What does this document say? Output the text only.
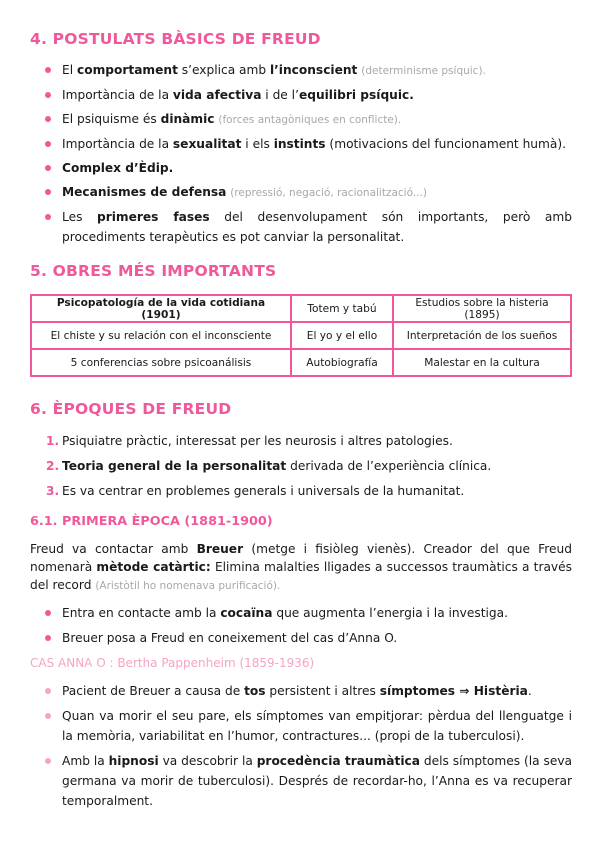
4. POSTULATS BÀSICS DE FREUD
El comportament s’explica amb l’inconscient (determinisme psíquic).
Importància de la vida afectiva i de l’equilibri psíquic.
El psiquisme és dinàmic (forces antagòniques en conflicte).
Importància de la sexualitat i els instints (motivacions del funcionament humà).
Complex d’Èdip.
Mecanismes de defensa (repressió, negació, racionalització...)
Les primeres fases del desenvolupament són importants, però amb procediments terapèutics es pot canviar la personalitat.
5. OBRES MÉS IMPORTANTS
Psicopatología de la vida cotidiana (1901)	Totem y tabú	Estudios sobre la histeria (1895)
El chiste y su relación con el inconsciente	El yo y el ello	Interpretación de los sueños
5 conferencias sobre psicoanálisis	Autobiografía	Malestar en la cultura
6. ÈPOQUES DE FREUD
1. Psiquiatre pràctic, interessat per les neurosis i altres patologies.
2. Teoria general de la personalitat derivada de l’experiència clínica.
3. Es va centrar en problemes generals i universals de la humanitat.
6.1. PRIMERA ÈPOCA (1881-1900)

Freud va contactar amb Breuer (metge i fisiòleg vienès). Creador del que Freud nomenarà mètode catàrtic: Elimina malalties lligades a successos traumàtics a través del record (Aristòtil ho nomenava purificació).

Entra en contacte amb la cocaïna que augmenta l’energia i la investiga.
Breuer posa a Freud en coneixement del cas d’Anna O.
CAS ANNA O : Bertha Pappenheim (1859-1936)
Pacient de Breuer a causa de tos persistent i altres símptomes ⇒ Histèria.
Quan va morir el seu pare, els símptomes van empitjorar: pèrdua del llenguatge i la memòria, variabilitat en l’humor, contractures... (propi de la tuberculosi).
Amb la hipnosi va descobrir la procedència traumàtica dels símptomes (la seva germana va morir de tuberculosi). Després de recordar-ho, l’Anna es va recuperar temporalment.
